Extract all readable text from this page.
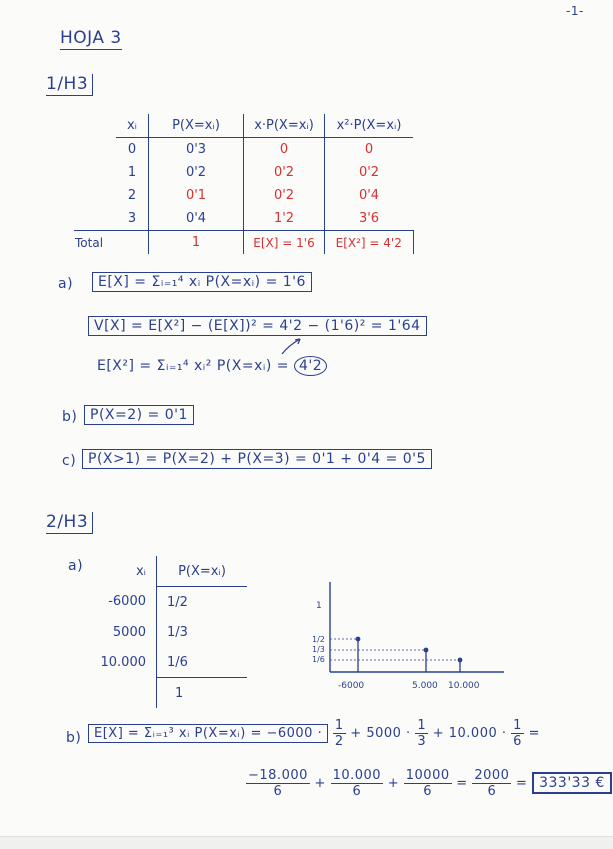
-1-
HOJA 3
1/H3
	xᵢ	P(X=xᵢ)	x·P(X=xᵢ)	x²·P(X=xᵢ)
	0	0'3	0	0
	1	0'2	0'2	0'2
	2	0'1	0'2	0'4
	3	0'4	1'2	3'6
Total		1	E[X] = 1'6	E[X²] = 4'2
a)	E[X] = Σᵢ₌₁⁴ xᵢ P(X=xᵢ) = 1'6
V[X] = E[X²] − (E[X])² = 4'2 − (1'6)² = 1'64
E[X²] = Σᵢ₌₁⁴ xᵢ² P(X=xᵢ) = 4'2
b) P(X=2) = 0'1
c) P(X>1) = P(X=2) + P(X=3) = 0'1 + 0'4 = 0'5
2/H3
a)	xᵢ	P(X=xᵢ)
-6000	1/2
5000	1/3
10.000	1/6
	1
1
1/2
1/3
1/6
-6000	5.000 10.000
b) E[X] = Σᵢ₌₁³ xᵢ P(X=xᵢ) = $-6000 \cdot \frac{1}{2} + 5000 \cdot \frac{1}{3} + 10.000 \cdot \frac{1}{6}$ =
$\frac{-18.000}{6} + \frac{10.000}{6} + \frac{10000}{6} = \frac{2000}{6} = 333'33$ €
